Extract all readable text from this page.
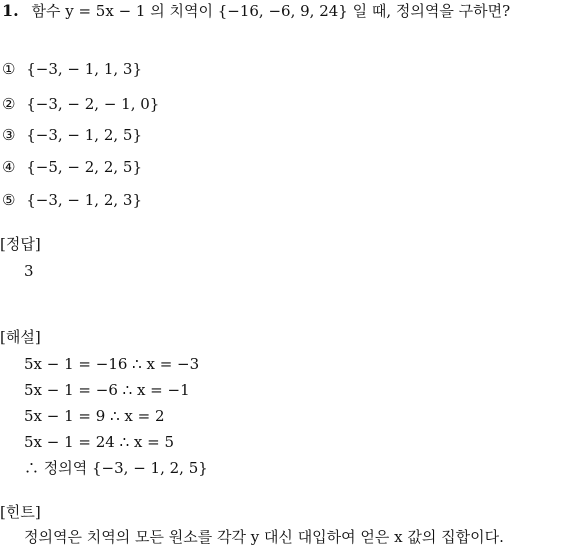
1. 함수 y = 5x − 1 의 치역이 {−16, −6, 9, 24} 일 때, 정의역을 구하면?
① {−3, − 1, 1, 3}
② {−3, − 2, − 1, 0}
③ {−3, − 1, 2, 5}
④ {−5, − 2, 2, 5}
⑤ {−3, − 1, 2, 3}
[정답]
3
[해설]
5x − 1 = −16 ∴ x = −3
5x − 1 = −6 ∴ x = −1
5x − 1 = 9 ∴ x = 2
5x − 1 = 24 ∴ x = 5
∴ 정의역 {−3, − 1, 2, 5}
[힌트]
정의역은 치역의 모든 원소를 각각 y 대신 대입하여 얻은 x 값의 집합이다.
